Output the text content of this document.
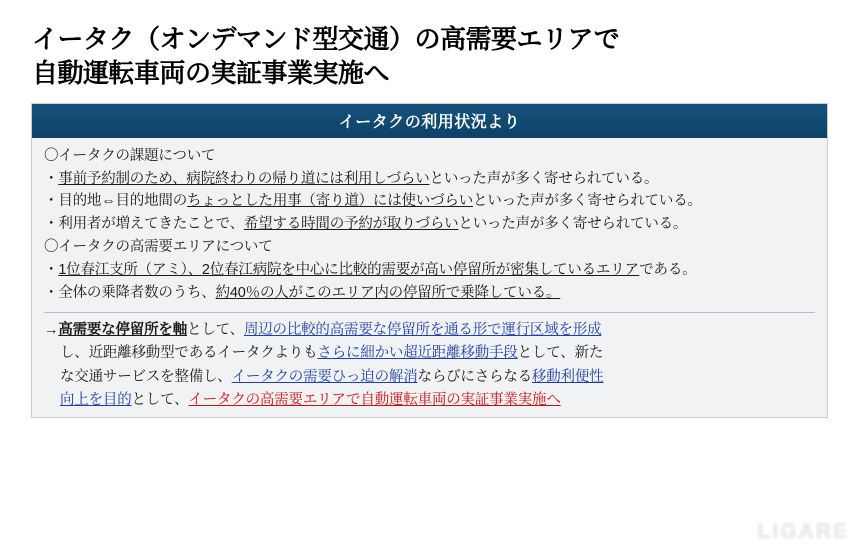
イータク（オンデマンド型交通）の高需要エリアで
自動運転車両の実証事業実施へ
イータクの利用状況より
〇イータクの課題について
・事前予約制のため、病院終わりの帰り道には利用しづらいといった声が多く寄せられている。
・目的地⇔目的地間のちょっとした用事（寄り道）には使いづらいといった声が多く寄せられている。
・利用者が増えてきたことで、希望する時間の予約が取りづらいといった声が多く寄せられている。
〇イータクの高需要エリアについて
・1位春江支所（アミ）、2位春江病院を中心に比較的需要が高い停留所が密集しているエリアである。
・全体の乗降者数のうち、約40％の人がこのエリア内の停留所で乗降している。
→高需要な停留所を軸として、周辺の比較的高需要な停留所を通る形で運行区域を形成
し、近距離移動型であるイータクよりもさらに細かい超近距離移動手段として、新た
な交通サービスを整備し、イータクの需要ひっ迫の解消ならびにさらなる移動利便性
向上を目的として、イータクの高需要エリアで自動運転車両の実証事業実施へ
LIGARE
